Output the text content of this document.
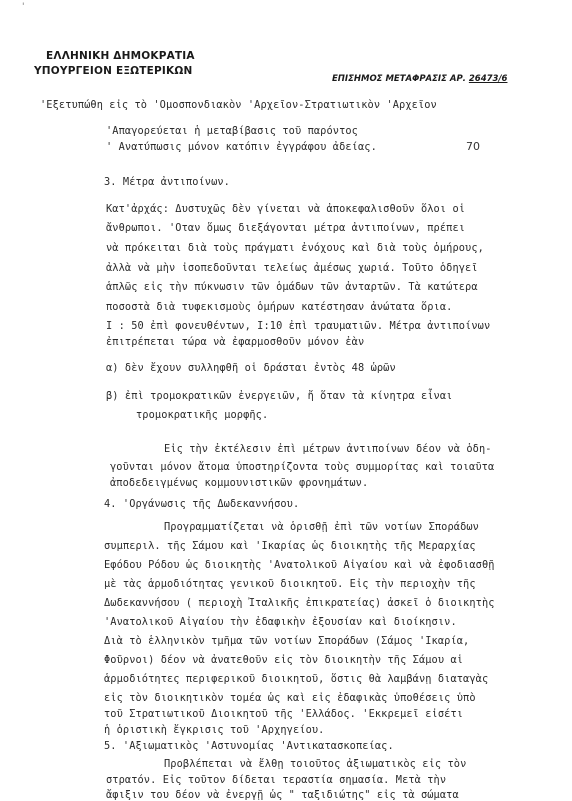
'
ΕΛΛΗΝΙΚΗ ΔΗΜΟΚΡΑΤΙΑ
ΥΠΟΥΡΓΕΙΟΝ ΕΞΩΤΕΡΙΚΩΝ
ΕΠΙΣΗΜΟΣ ΜΕΤΑΦΡΑΣΙΣ ΑΡ. 26473/6
70
'Εξετυπώθη εἰς τὸ 'Ομοσπονδιακὸν 'Αρχεῖον-Στρατιωτικὸν 'Αρχεῖον
'Απαγορεύεται ἡ μεταβίβασις τοῦ παρόντος
' Ανατύπωσις μόνον κατόπιν ἐγγράφου ἀδείας.
3. Μέτρα ἀντιποίνων.
Κατ'ἀρχάς: Δυστυχῶς δὲν γίνεται νὰ ἀποκεφαλισθοῦν ὅλοι οἱ
ἄνθρωποι. 'Οταν ὅμως διεξάγονται μέτρα ἀντιποίνων, πρέπει
νὰ πρόκειται διὰ τοὺς πράγματι ἐνόχους καὶ διὰ τοὺς ὁμήρους,
ἀλλὰ νὰ μὴν ἰσοπεδοῦνται τελείως ἀμέσως χωριά. Τοῦτο ὁδηγεῖ
ἁπλῶς εἰς τὴν πύκνωσιν τῶν ὁμάδων τῶν ἀνταρτῶν. Τὰ κατώτερα
ποσοστὰ διὰ τυφεκισμοὺς ὁμήρων κατέστησαν ἀνώτατα ὅρια.
Ι : 50 ἐπὶ φονευθέντων, Ι:10 ἐπὶ τραυματιῶν. Μέτρα ἀντιποίνων
ἐπιτρέπεται τώρα νὰ ἐφαρμοσθοῦν μόνον ἐὰν
α) δὲν ἔχουν συλληφθῆ οἱ δράσται ἐντὸς 48 ὡρῶν
β) ἐπὶ τρομοκρατικῶν ἐνεργειῶν, ἤ ὅταν τὰ κίνητρα εἶναι
τρομοκρατικῆς μορφῆς.
Εἰς τὴν ἐκτέλεσιν ἐπὶ μέτρων ἀντιποίνων δέον νὰ ὁδη-
γοῦνται μόνον ἄτομα ὑποστηρίζοντα τοὺς συμμορίτας καὶ τοιαῦτα
ἀποδεδειγμένως κομμουνιστικῶν φρονημάτων.
4. 'Οργάνωσις τῆς Δωδεκαννήσου.
Προγραμματίζεται νὰ ὁρισθῇ ἐπὶ τῶν νοτίων Σποράδων
συμπεριλ. τῆς Σάμου καὶ 'Ικαρίας ὡς διοικητὴς τῆς Μεραρχίας
Εφόδου Ρόδου ὡς διοικητὴς 'Ανατολικοῦ Αἰγαίου καὶ νὰ ἐφοδιασθῇ
μὲ τὰς ἁρμοδιότητας γενικοῦ διοικητοῦ. Εἰς τὴν περιοχὴν τῆς
Δωδεκαννήσου ( περιοχὴ Ἰταλικῆς ἐπικρατείας) ἀσκεῖ ὁ διοικητὴς
'Ανατολικοῦ Αἰγαίου τὴν ἐδαφικὴν ἐξουσίαν καὶ διοίκησιν.
Διὰ τὸ ἑλληνικὸν τμῆμα τῶν νοτίων Σποράδων (Σάμος 'Ικαρία,
Φοῦρνοι) δέον νὰ ἀνατεθοῦν εἰς τὸν διοικητὴν τῆς Σάμου αἱ
ἁρμοδιότητες περιφερικοῦ διοικητοῦ, ὅστις θὰ λαμβάνῃ διαταγὰς
εἰς τὸν διοικητικὸν τομέα ὡς καὶ εἰς ἐδαφικὰς ὑποθέσεις ὑπὸ
τοῦ Στρατιωτικοῦ Διοικητοῦ τῆς 'Ελλάδος. 'Εκκρεμεῖ εἰσέτι
ἡ ὁριστικὴ ἔγκρισις τοῦ 'Αρχηγείου.
5. 'Αξιωματικὸς 'Αστυνομίας 'Αντικατασκοπείας.
Προβλέπεται νὰ ἔλθῃ τοιοῦτος ἀξιωματικὸς εἰς τὸν
στρατόν. Εἰς τοῦτον δίδεται τεραστία σημασία. Μετὰ τὴν
ἄφιξιν του δέον νὰ ἐνεργῇ ὡς " ταξιδιώτης" εἰς τὰ σώματα
